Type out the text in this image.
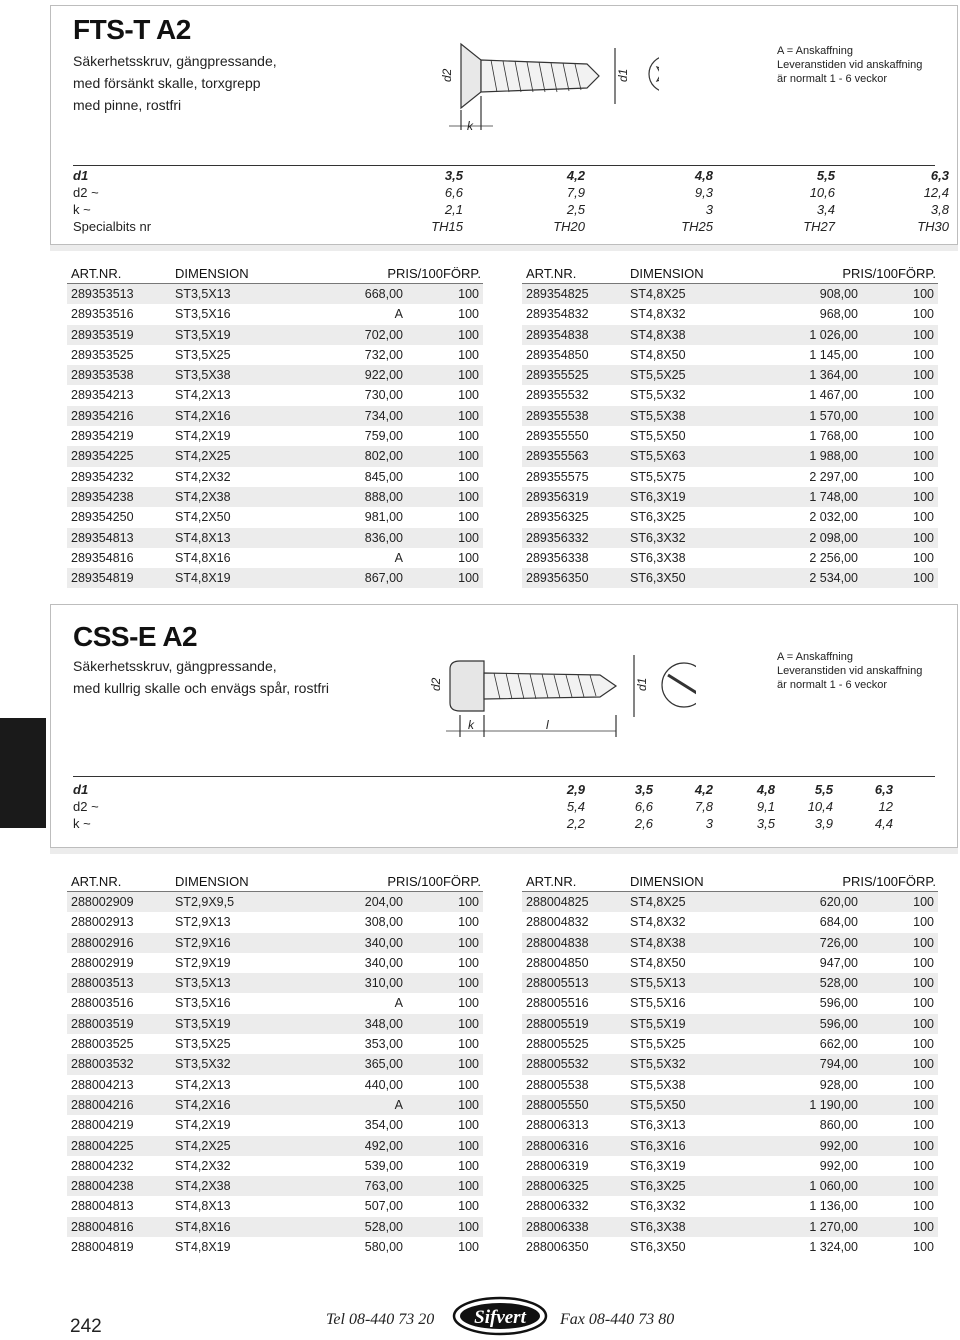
FTS-T A2
Säkerhetsskruv, gängpressande,
med försänkt skalle, torxgrepp
med pinne, rostfri
d2	d1
k
A = Anskaffning
Leveranstiden vid anskaffning
är normalt 1 - 6 veckor
d1	3,5	4,2	4,8	5,5	6,3
d2 ~	6,6	7,9	9,3	10,6	12,4
k ~	2,1	2,5	3	3,4	3,8
Specialbits nr	TH15	TH20	TH25	TH27	TH30
ART.NR.	DIMENSION	PRIS/100 FÖRP.
289353513	ST3,5X13	668,00	100
289353516	ST3,5X16	A	100
289353519	ST3,5X19	702,00	100
289353525	ST3,5X25	732,00	100
289353538	ST3,5X38	922,00	100
289354213	ST4,2X13	730,00	100
289354216	ST4,2X16	734,00	100
289354219	ST4,2X19	759,00	100
289354225	ST4,2X25	802,00	100
289354232	ST4,2X32	845,00	100
289354238	ST4,2X38	888,00	100
289354250	ST4,2X50	981,00	100
289354813	ST4,8X13	836,00	100
289354816	ST4,8X16	A	100
289354819	ST4,8X19	867,00	100
ART.NR.	DIMENSION	PRIS/100 FÖRP.
289354825	ST4,8X25	908,00	100
289354832	ST4,8X32	968,00	100
289354838	ST4,8X38	1 026,00	100
289354850	ST4,8X50	1 145,00	100
289355525	ST5,5X25	1 364,00	100
289355532	ST5,5X32	1 467,00	100
289355538	ST5,5X38	1 570,00	100
289355550	ST5,5X50	1 768,00	100
289355563	ST5,5X63	1 988,00	100
289355575	ST5,5X75	2 297,00	100
289356319	ST6,3X19	1 748,00	100
289356325	ST6,3X25	2 032,00	100
289356332	ST6,3X32	2 098,00	100
289356338	ST6,3X38	2 256,00	100
289356350	ST6,3X50	2 534,00	100
CSS-E A2
Säkerhetsskruv, gängpressande,
med kullrig skalle och envägs spår, rostfri	d2	d1
k	l
A = Anskaffning
Leveranstiden vid anskaffning
är normalt 1 - 6 veckor
d1	2,9	3,5	4,2	4,8	5,5	6,3
d2 ~	5,4	6,6	7,8	9,1	10,4	12
k ~	2,2	2,6	3	3,5	3,9	4,4
ART.NR.	DIMENSION	PRIS/100 FÖRP.
288002909	ST2,9X9,5	204,00	100
288002913	ST2,9X13	308,00	100
288002916	ST2,9X16	340,00	100
288002919	ST2,9X19	340,00	100
288003513	ST3,5X13	310,00	100
288003516	ST3,5X16	A	100
288003519	ST3,5X19	348,00	100
288003525	ST3,5X25	353,00	100
288003532	ST3,5X32	365,00	100
288004213	ST4,2X13	440,00	100
288004216	ST4,2X16	A	100
288004219	ST4,2X19	354,00	100
288004225	ST4,2X25	492,00	100
288004232	ST4,2X32	539,00	100
288004238	ST4,2X38	763,00	100
288004813	ST4,8X13	507,00	100
288004816	ST4,8X16	528,00	100
288004819	ST4,8X19	580,00	100
ART.NR.	DIMENSION	PRIS/100 FÖRP.
288004825	ST4,8X25	620,00	100
288004832	ST4,8X32	684,00	100
288004838	ST4,8X38	726,00	100
288004850	ST4,8X50	947,00	100
288005513	ST5,5X13	528,00	100
288005516	ST5,5X16	596,00	100
288005519	ST5,5X19	596,00	100
288005525	ST5,5X25	662,00	100
288005532	ST5,5X32	794,00	100
288005538	ST5,5X38	928,00	100
288005550	ST5,5X50	1 190,00	100
288006313	ST6,3X13	860,00	100
288006316	ST6,3X16	992,00	100
288006319	ST6,3X19	992,00	100
288006325	ST6,3X25	1 060,00	100
288006332	ST6,3X32	1 136,00	100
288006338	ST6,3X38	1 270,00	100
288006350	ST6,3X50	1 324,00	100
242	Tel 08-440 73 20 Sifvert Fax 08-440 73 80
